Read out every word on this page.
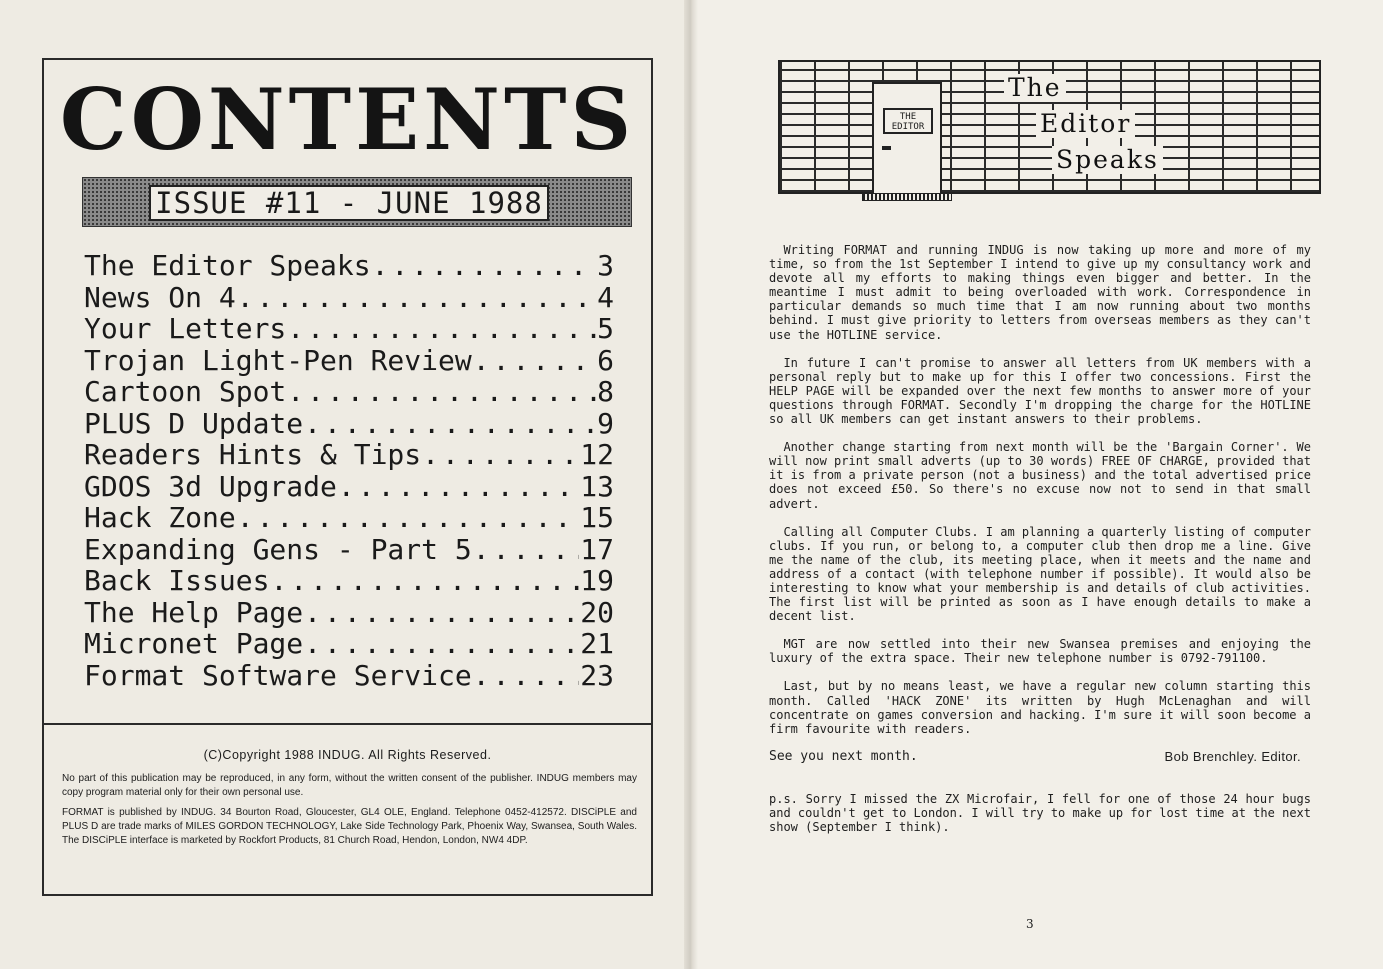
CONTENTS
ISSUE #11 - JUNE 1988
The Editor Speaks .....	3
News On 4 .....	4
Your Letters .....	5
Trojan Light-Pen Review .....	6
Cartoon Spot .....	8
PLUS D Update .....	9
Readers Hints & Tips .....	12
GDOS 3d Upgrade .....	13
Hack Zone .....	15
Expanding Gens - Part 5 .....	17
Back Issues .....	19
The Help Page .....	20
Micronet Page .....	21
Format Software Service .....	23
(C)Copyright 1988 INDUG. All Rights Reserved.
No part of this publication may be reproduced, in any form, without the written consent of the publisher. INDUG members may copy program material only for their own personal use.
FORMAT is published by INDUG. 34 Bourton Road, Gloucester, GL4 OLE, England. Telephone 0452-412572. DISCiPLE and PLUS D are trade marks of MILES GORDON TECHNOLOGY, Lake Side Technology Park, Phoenix Way, Swansea, South Wales. The DISCiPLE interface is marketed by Rockfort Products, 81 Church Road, Hendon, London, NW4 4DP.
THE EDITOR
The
Editor
Speaks

Writing FORMAT and running INDUG is now taking up more and more of my time, so from the 1st September I intend to give up my consultancy work and devote all my efforts to making things even bigger and better. In the meantime I must admit to being overloaded with work. Correspondence in particular demands so much time that I am now running about two months behind. I must give priority to letters from overseas members as they can't use the HOTLINE service.

In future I can't promise to answer all letters from UK members with a personal reply but to make up for this I offer two concessions. First the HELP PAGE will be expanded over the next few months to answer more of your questions through FORMAT. Secondly I'm dropping the charge for the HOTLINE so all UK members can get instant answers to their problems.

Another change starting from next month will be the 'Bargain Corner'. We will now print small adverts (up to 30 words) FREE OF CHARGE, provided that it is from a private person (not a business) and the total advertised price does not exceed £50. So there's no excuse now not to send in that small advert.

Calling all Computer Clubs. I am planning a quarterly listing of computer clubs. If you run, or belong to, a computer club then drop me a line. Give me the name of the club, its meeting place, when it meets and the name and address of a contact (with telephone number if possible). It would also be interesting to know what your membership is and details of club activities. The first list will be printed as soon as I have enough details to make a decent list.

MGT are now settled into their new Swansea premises and enjoying the luxury of the extra space. Their new telephone number is 0792-791100.

Last, but by no means least, we have a regular new column starting this month. Called 'HACK ZONE' its written by Hugh McLenaghan and will concentrate on games conversion and hacking. I'm sure it will soon become a firm favourite with readers.

See you next month.	Bob Brenchley. Editor.
p.s. Sorry I missed the ZX Microfair, I fell for one of those 24 hour bugs and couldn't get to London. I will try to make up for lost time at the next show (September I think).
3
